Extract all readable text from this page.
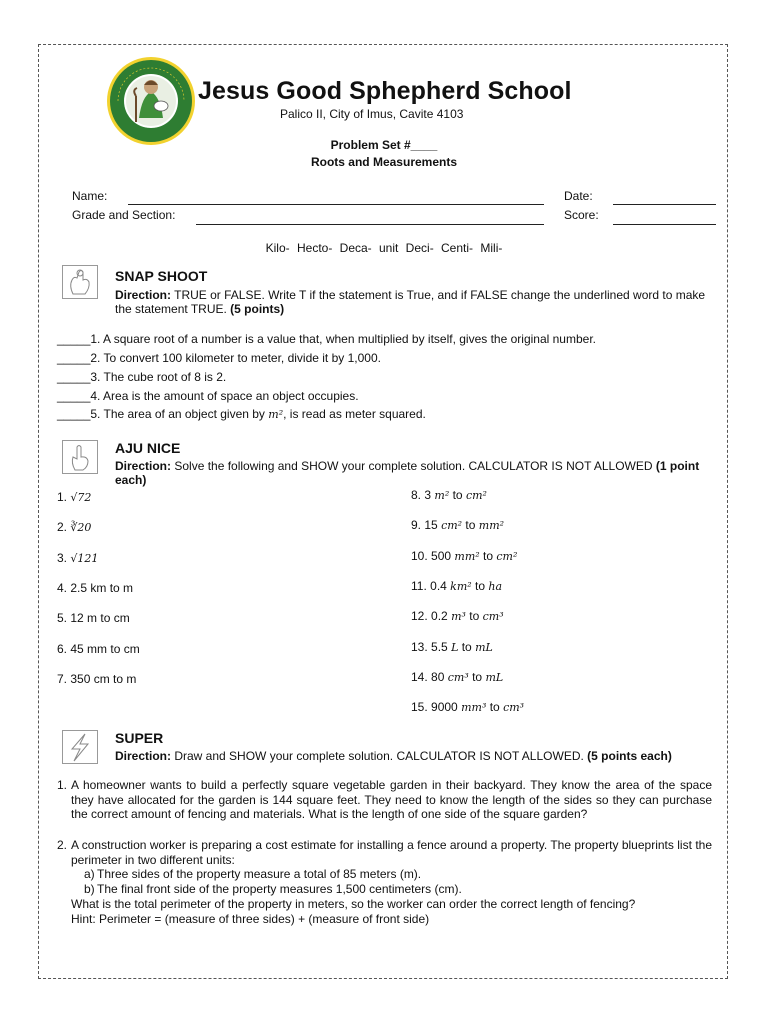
Jesus Good Sphepherd School
Palico II, City of Imus, Cavite 4103
Problem Set #____
Roots and Measurements
Name:	Date:
Grade and Section:	Score:
Kilo- Hecto- Deca- unit Deci- Centi- Mili-
SNAP SHOOT
Direction: TRUE or FALSE. Write T if the statement is True, and if FALSE change the underlined word to make the statement TRUE. (5 points)
_____1. A square root of a number is a value that, when multiplied by itself, gives the original number.
_____2. To convert 100 kilometer to meter, divide it by 1,000.
_____3. The cube root of 8 is 2.
_____4. Area is the amount of space an object occupies.
_____5. The area of an object given by m², is read as meter squared.
AJU NICE
Direction: Solve the following and SHOW your complete solution. CALCULATOR IS NOT ALLOWED (1 point each)
1. √72
2. ∛20
3. √121
4. 2.5 km to m
5. 12 m to cm
6. 45 mm to cm
7. 350 cm to m
8. 3 m² to cm²
9. 15 cm² to mm²
10. 500 mm² to cm²
11. 0.4 km² to ha
12. 0.2 m³ to cm³
13. 5.5 L to mL
14. 80 cm³ to mL
15. 9000 mm³ to cm³
SUPER
Direction: Draw and SHOW your complete solution. CALCULATOR IS NOT ALLOWED. (5 points each)
1. A homeowner wants to build a perfectly square vegetable garden in their backyard. They know the area of the space they have allocated for the garden is 144 square feet. They need to know the length of the sides so they can purchase the correct amount of fencing and materials. What is the length of one side of the square garden?
2. A construction worker is preparing a cost estimate for installing a fence around a property. The property blueprints list the perimeter in two different units:
a) Three sides of the property measure a total of 85 meters (m).
b) The final front side of the property measures 1,500 centimeters (cm).
What is the total perimeter of the property in meters, so the worker can order the correct length of fencing?
Hint: Perimeter = (measure of three sides) + (measure of front side)
